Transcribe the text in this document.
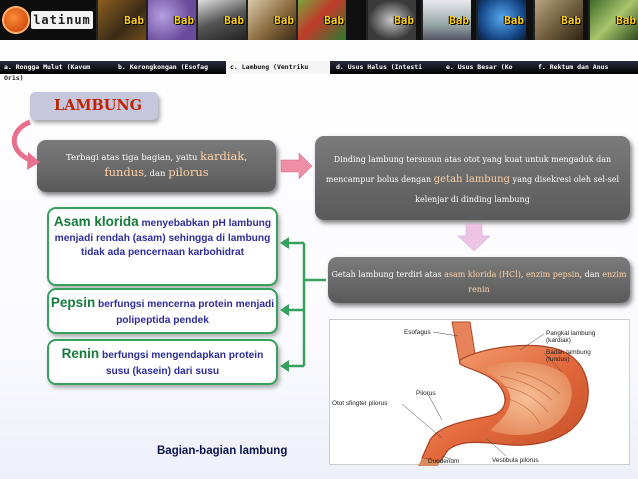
latinum	Bab	Bab	Bab	Bab	Bab	Bab	Bab	Bab	Bab	Bab
a. Rongga Mulut (Kavum	b. Kerongkongan (Esofag	c. Lambung (Ventriku	d. Usus Halus (Intesti	e. Usus Besar (Ko	f. Rektum dan Anus
Oris)
LAMBUNG
Terbagi atas tiga bagian, yaitu kardiak,
fundus, dan pilorus
Dinding lambung tersusun atas otot yang kuat untuk mengaduk dan mencampur bolus dengan getah lambung yang disekresi oleh sel-sel kelenjar di dinding lambung
Getah lambung terdiri atas asam klorida (HCl), enzim pepsin, dan enzim renin
Asam klorida menyebabkan pH lambung menjadi rendah (asam) sehingga di lambung tidak ada pencernaan karbohidrat
Pepsin berfungsi mencerna protein menjadi polipeptida pendek
Renin berfungsi mengendapkan protein susu (kasein) dari susu
Esofagus	Pangkal lambung
(kardiak)
Badan lambung
(fundus)
Pilorus
Otot sfingter pilorus
Vestibula pilorus
Duodenum
Bagian-bagian lambung
